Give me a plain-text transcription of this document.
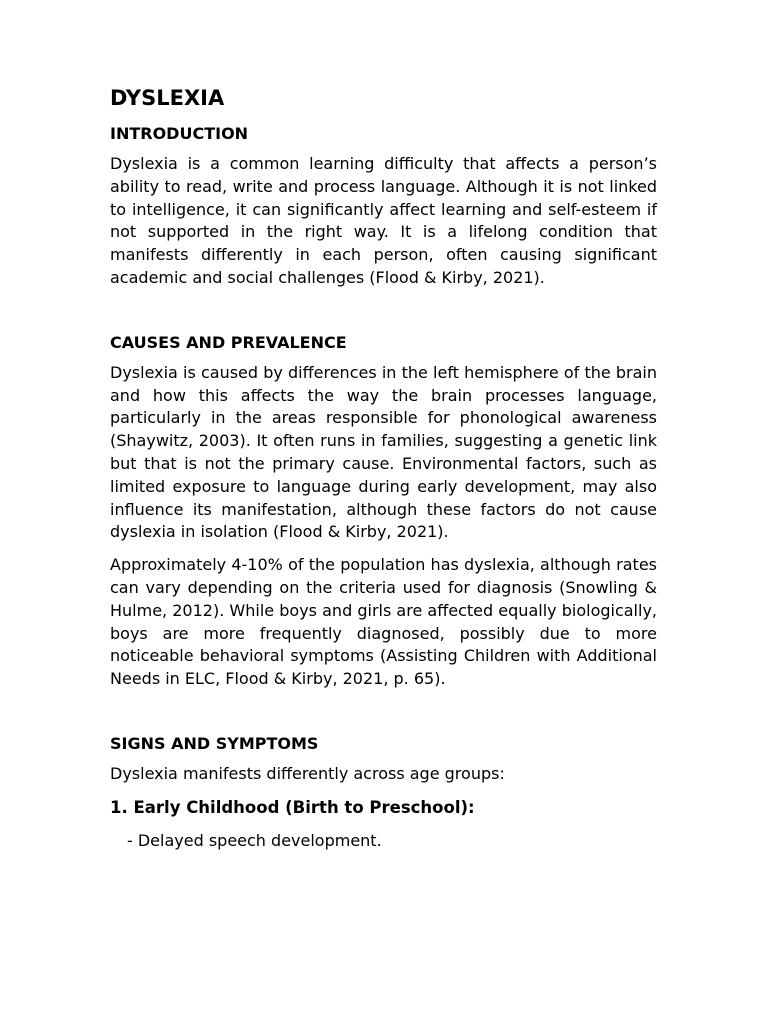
DYSLEXIA
INTRODUCTION

Dyslexia is a common learning difficulty that affects a person’s ability to read, write and process language. Although it is not linked to intelligence, it can significantly affect learning and self-esteem if not supported in the right way. It is a lifelong condition that manifests differently in each person, often causing significant academic and social challenges (Flood & Kirby, 2021).

CAUSES AND PREVALENCE

Dyslexia is caused by differences in the left hemisphere of the brain and how this affects the way the brain processes language, particularly in the areas responsible for phonological awareness (Shaywitz, 2003). It often runs in families, suggesting a genetic link but that is not the primary cause. Environmental factors, such as limited exposure to language during early development, may also influence its manifestation, although these factors do not cause dyslexia in isolation (Flood & Kirby, 2021).

Approximately 4-10% of the population has dyslexia, although rates can vary depending on the criteria used for diagnosis (Snowling & Hulme, 2012). While boys and girls are affected equally biologically, boys are more frequently diagnosed, possibly due to more noticeable behavioral symptoms (Assisting Children with Additional Needs in ELC, Flood & Kirby, 2021, p. 65).

SIGNS AND SYMPTOMS

Dyslexia manifests differently across age groups:

1. Early Childhood (Birth to Preschool):
- Delayed speech development.
